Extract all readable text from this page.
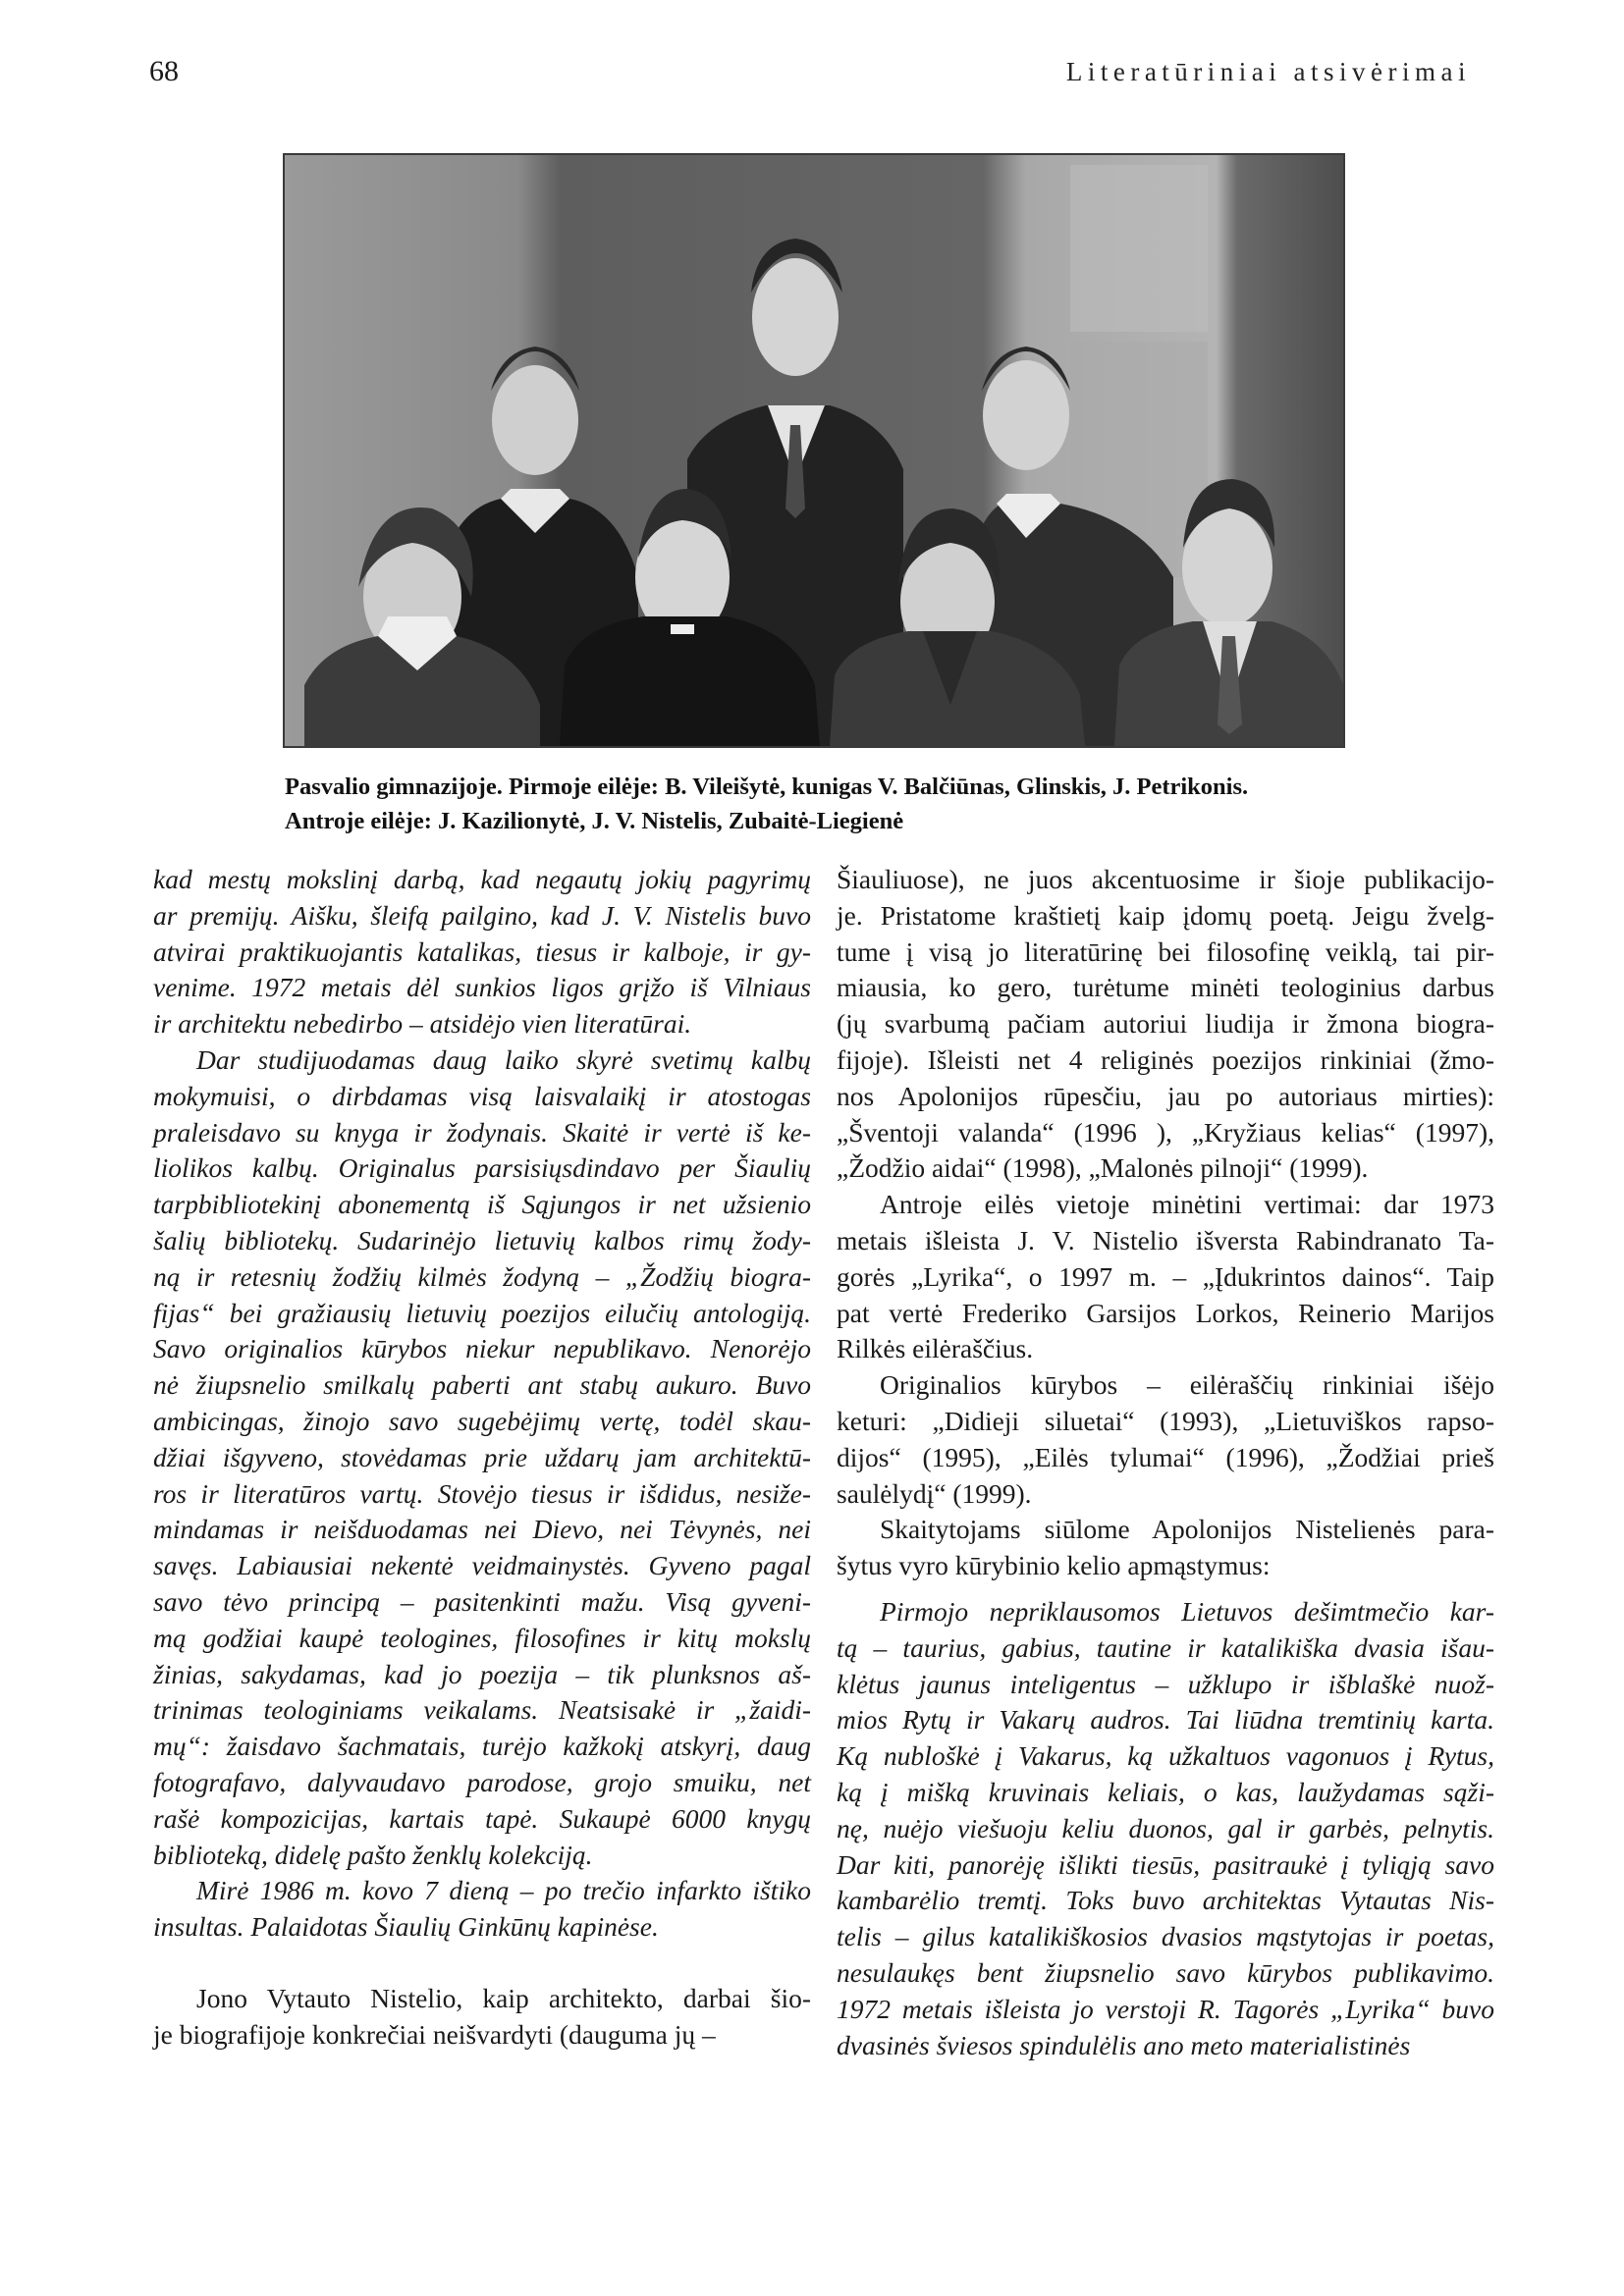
68	Literatūriniai atsivėrimai
Pasvalio gimnazijoje. Pirmoje eilėje: B. Vileišytė, kunigas V. Balčiūnas, Glinskis, J. Petrikonis.
Antroje eilėje: J. Kazilionytė, J. V. Nistelis, Zubaitė-Liegienė
kad mestų mokslinį darbą, kad negautų jokių pagyrimų
ar premijų. Aišku, šleifą pailgino, kad J. V. Nistelis buvo
atvirai praktikuojantis katalikas, tiesus ir kalboje, ir gy-
venime. 1972 metais dėl sunkios ligos grįžo iš Vilniaus
ir architektu nebedirbo – atsidėjo vien literatūrai.
Dar studijuodamas daug laiko skyrė svetimų kalbų
mokymuisi, o dirbdamas visą laisvalaikį ir atostogas
praleisdavo su knyga ir žodynais. Skaitė ir vertė iš ke-
liolikos kalbų. Originalus parsisiųsdindavo per Šiaulių
tarpbibliotekinį abonementą iš Sąjungos ir net užsienio
šalių bibliotekų. Sudarinėjo lietuvių kalbos rimų žody-
ną ir retesnių žodžių kilmės žodyną – „Žodžių biogra-
fijas“ bei gražiausių lietuvių poezijos eilučių antologiją.
Savo originalios kūrybos niekur nepublikavo. Nenorėjo
nė žiupsnelio smilkalų paberti ant stabų aukuro. Buvo
ambicingas, žinojo savo sugebėjimų vertę, todėl skau-
džiai išgyveno, stovėdamas prie uždarų jam architektū-
ros ir literatūros vartų. Stovėjo tiesus ir išdidus, nesiže-
mindamas ir neišduodamas nei Dievo, nei Tėvynės, nei
savęs. Labiausiai nekentė veidmainystės. Gyveno pagal
savo tėvo principą – pasitenkinti mažu. Visą gyveni-
mą godžiai kaupė teologines, filosofines ir kitų mokslų
žinias, sakydamas, kad jo poezija – tik plunksnos aš-
trinimas teologiniams veikalams. Neatsisakė ir „žaidi-
mų“: žaisdavo šachmatais, turėjo kažkokį atskyrį, daug
fotografavo, dalyvaudavo parodose, grojo smuiku, net
rašė kompozicijas, kartais tapė. Sukaupė 6000 knygų
biblioteką, didelę pašto ženklų kolekciją.
Mirė 1986 m. kovo 7 dieną – po trečio infarkto ištiko
insultas. Palaidotas Šiaulių Ginkūnų kapinėse.
Jono Vytauto Nistelio, kaip architekto, darbai šio-
je biografijoje konkrečiai neišvardyti (dauguma jų –
Šiauliuose), ne juos akcentuosime ir šioje publikacijo-
je. Pristatome kraštietį kaip įdomų poetą. Jeigu žvelg-
tume į visą jo literatūrinę bei filosofinę veiklą, tai pir-
miausia, ko gero, turėtume minėti teologinius darbus
(jų svarbumą pačiam autoriui liudija ir žmona biogra-
fijoje). Išleisti net 4 religinės poezijos rinkiniai (žmo-
nos Apolonijos rūpesčiu, jau po autoriaus mirties):
„Šventoji valanda“ (1996 ), „Kryžiaus kelias“ (1997),
„Žodžio aidai“ (1998), „Malonės pilnoji“ (1999).
Antroje eilės vietoje minėtini vertimai: dar 1973
metais išleista J. V. Nistelio išversta Rabindranato Ta-
gorės „Lyrika“, o 1997 m. – „Įdukrintos dainos“. Taip
pat vertė Frederiko Garsijos Lorkos, Reinerio Marijos
Rilkės eilėraščius.
Originalios kūrybos – eilėraščių rinkiniai išėjo
keturi: „Didieji siluetai“ (1993), „Lietuviškos rapso-
dijos“ (1995), „Eilės tylumai“ (1996), „Žodžiai prieš
saulėlydį“ (1999).
Skaitytojams siūlome Apolonijos Nistelienės para-
šytus vyro kūrybinio kelio apmąstymus:
Pirmojo nepriklausomos Lietuvos dešimtmečio kar-
tą – taurius, gabius, tautine ir katalikiška dvasia išau-
klėtus jaunus inteligentus – užklupo ir išblaškė nuož-
mios Rytų ir Vakarų audros. Tai liūdna tremtinių karta.
Ką nubloškė į Vakarus, ką užkaltuos vagonuos į Rytus,
ką į mišką kruvinais keliais, o kas, laužydamas sąži-
nę, nuėjo viešuoju keliu duonos, gal ir garbės, pelnytis.
Dar kiti, panorėję išlikti tiesūs, pasitraukė į tyliąją savo
kambarėlio tremtį. Toks buvo architektas Vytautas Nis-
telis – gilus katalikiškosios dvasios mąstytojas ir poetas,
nesulaukęs bent žiupsnelio savo kūrybos publikavimo.
1972 metais išleista jo verstoji R. Tagorės „Lyrika“ buvo
dvasinės šviesos spindulėlis ano meto materialistinės
